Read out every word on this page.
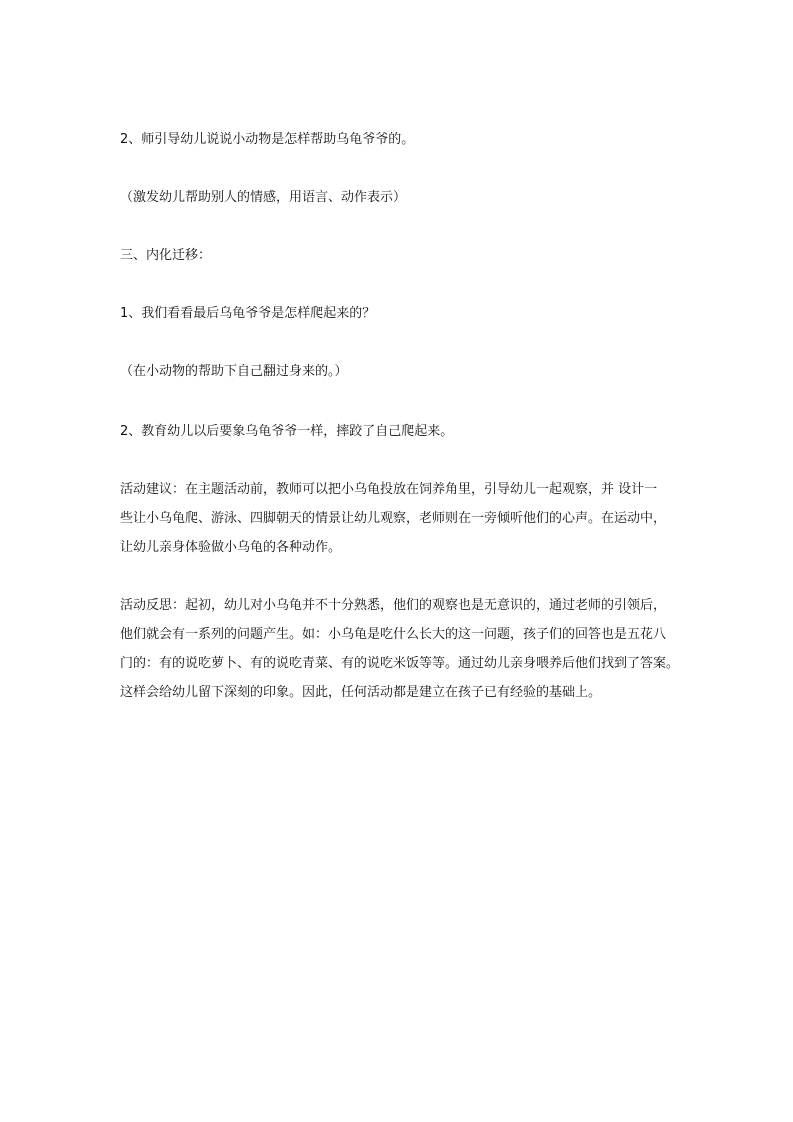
2、师引导幼儿说说小动物是怎样帮助乌龟爷爷的。
（激发幼儿帮助别人的情感，用语言、动作表示）
三、内化迁移：
1、我们看看最后乌龟爷爷是怎样爬起来的？
（在小动物的帮助下自己翻过身来的。）
2、教育幼儿以后要象乌龟爷爷一样，摔跤了自己爬起来。
活动建议：在主题活动前，教师可以把小乌龟投放在饲养角里，引导幼儿一起观察，并 设计一
些让小乌龟爬、游泳、四脚朝天的情景让幼儿观察，老师则在一旁倾听他们的心声。在运动中，
让幼儿亲身体验做小乌龟的各种动作。
活动反思：起初，幼儿对小乌龟并不十分熟悉，他们的观察也是无意识的，通过老师的引领后，
他们就会有一系列的问题产生。如：小乌龟是吃什么长大的这一问题，孩子们的回答也是五花八
门的：有的说吃萝卜、有的说吃青菜、有的说吃米饭等等。通过幼儿亲身喂养后他们找到了答案。
这样会给幼儿留下深刻的印象。因此，任何活动都是建立在孩子已有经验的基础上。
